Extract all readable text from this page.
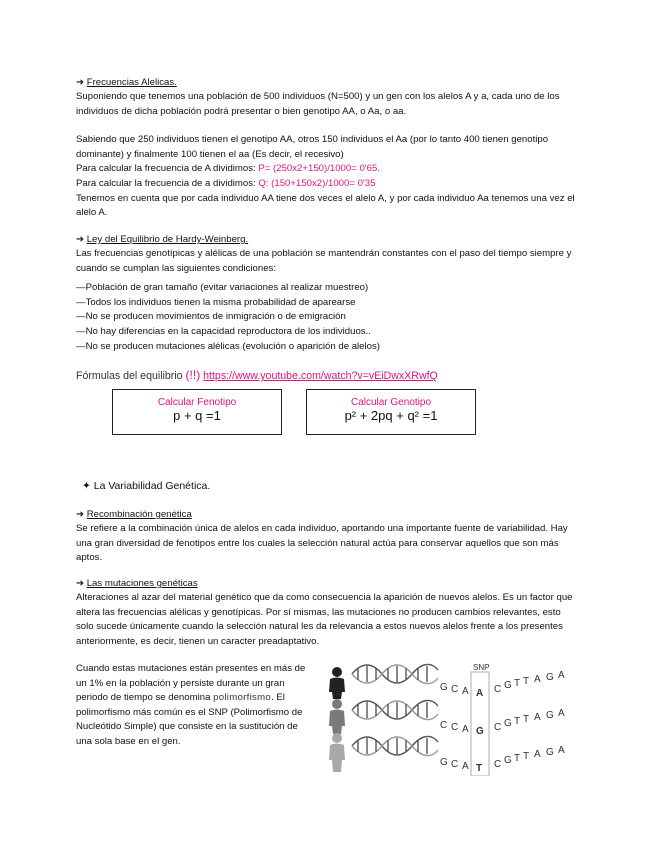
➔ Frecuencias Alelicas.

Suponiendo que tenemos una población de 500 individuos (N=500) y un gen con los alelos A y a, cada uno de los individuos de dicha población podrá presentar o bien genotipo AA, o Aa, o aa.

Sabiendo que 250 individuos tienen el genotipo AA, otros 150 individuos el Aa (por lo tanto 400 tienen genotipo dominante) y finalmente 100 tienen el aa (Es decir, el recesivo)

Para calcular la frecuencia de A dividimos: P= (250x2+150)/1000= 0'65.

Para calcular la frecuencia de a dividimos: Q: (150+150x2)/1000= 0'35

Tenemos en cuenta que por cada individuo AA tiene dos veces el alelo A, y por cada individuo Aa tenemos una vez el alelo A.

➔ Ley del Equilibrio de Hardy-Weinberg.

Las frecuencias genotípicas y alélicas de una población se mantendrán constantes con el paso del tiempo siempre y cuando se cumplan las siguientes condiciones:

—Población de gran tamaño (evitar variaciones al realizar muestreo)
—Todos los individuos tienen la misma probabilidad de aparearse
—No se producen movimientos de inmigración o de emigración
—No hay diferencias en la capacidad reproductora de los individuos..
—No se producen mutaciones alélicas (evolución o aparición de alelos)
Fórmulas del equilibrio (!!) https://www.youtube.com/watch?v=vEiDwxXRwfQ
Calcular Fenotipo
p + q =1
Calcular Genotipo
p² + 2pq + q² =1
✦ La Variabilidad Genética.
➔ Recombinación genética

Se refiere a la combinación única de alelos en cada individuo, aportando una importante fuente de variabilidad. Hay una gran diversidad de fenotipos entre los cuales la selección natural actúa para conservar aquellos que son más aptos.

➔ Las mutaciones genéticas

Alteraciones al azar del material genético que da como consecuencia la aparición de nuevos alelos. Es un factor que altera las frecuencias alélicas y genotípicas. Por sí mismas, las mutaciones no producen cambios relevantes, esto solo sucede únicamente cuando la selección natural les da relevancia a estos nuevos alelos frente a los presentes anteriormente, es decir, tienen un caracter preadaptativo.

Cuando estas mutaciones están presentes en más de un 1% en la población y persiste durante un gran periodo de tiempo se denomina polimorfismo. El polimorfismo más común es el SNP (Polimorfismo de Nucleótido Simple) que consiste en la sustitución de una sola base en el gen.
SNP
G C A A C G T T A G A
C C A G C G T T A G A
G C A T C G T T A G A
